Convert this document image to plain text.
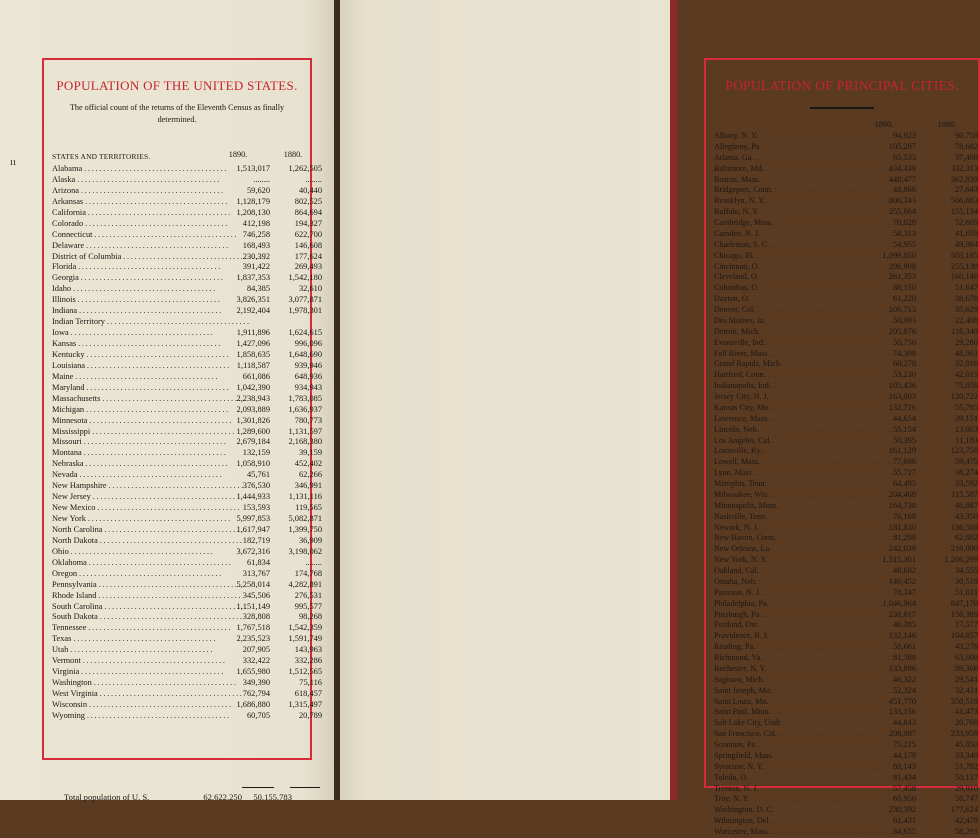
ıı
POPULATION OF THE UNITED STATES.
The official count of the returns of the Eleventh Census as finally determined.
STATES AND TERRITORIES.	1890.	1880.
Alabama . . .	1,513,017	1,262,505
Alaska . . .	........	........
Arizona . . .	59,620	40,440
Arkansas . . .	1,128,179	802,525
California . . .	1,208,130	864,694
Colorado . . .	412,198	194,327
Connecticut . . .	746,258	622,700
Delaware . . .	168,493	146,608
District of Columbia . . .	230,392	177,624
Florida . . .	391,422	269,493
Georgia . . .	1,837,353	1,542,180
Idaho . . .	84,385	32,610
Illinois . . .	3,826,351	3,077,871
Indiana . . .	2,192,404	1,978,301
Indian Territory. . .
Iowa . . .	1,911,896	1,624,615
Kansas . . .	1,427,096	996,096
Kentucky . . .	1,858,635	1,648,690
Louisiana . . .	1,118,587	939,946
Maine . . .	661,086	648,936
Maryland . . .	1,042,390	934,943
Massachusetts . . .	2,238,943	1,783,085
Michigan . . .	2,093,889	1,636,937
Minnesota . . .	1,301,826	780,773
Mississippi . . .	1,289,600	1,131,597
Missouri . . .	2,679,184	2,168,380
Montana . . .	132,159	39,159
Nebraska . . .	1,058,910	452,402
Nevada . . .	45,761	62,266
New Hampshire . . .	376,530	346,991
New Jersey . . .	1,444,933	1,131,116
New Mexico . . .	153,593	119,565
New York . . .	5,997,853	5,082,871
North Carolina . . .	1,617,947	1,399,750
North Dakota . . .	182,719	36,909
Ohio . . .	3,672,316	3,198,062
Oklahoma . . .	61,834	........
Oregon . . .	313,767	174,768
Pennsylvania . . .	5,258,014	4,282,891
Rhode Island . . .	345,506	276,531
South Carolina . . .	1,151,149	995,577
South Dakota . . .	328,808	98,268
Tennessee . . .	1,767,518	1,542,359
Texas . . .	2,235,523	1,591,749
Utah . . .	207,905	143,963
Vermont . . .	332,422	332,286
Virginia . . .	1,655,980	1,512,565
Washington . . .	349,390	75,116
West Virginia . . .	762,794	618,457
Wisconsin . . .	1,686,880	1,315,497
Wyoming . . .	60,705	20,789
Total population of U. S.	62,622,250	50,155,783
POPULATION OF PRINCIPAL CITIES.
1890.	1880.
Albany, N. Y. . . .	94,923	90,758
Allegheny, Pa . . .	105,287	78,682
Atlanta, Ga. . . .	65,533	37,409
Baltimore, Md. . . .	434,439	332,313
Boston, Mass. . . .	448,477	362,839
Bridgeport, Conn. . . .	48,866	27,643
Brooklyn, N. Y. . . .	806,343	566,663
Buffalo, N. Y. . . .	255,664	155,134
Cambridge, Mass. . . .	70,028	52,669
Camden, N. J. . . .	58,313	41,659
Charleston, S. C. . . .	54,955	49,984
Chicago, Ill. . . .	1,099,850	503,185
Cincinnati, O. . . .	296,908	255,139
Cleveland, O. . . .	261,353	160,146
Columbus, O. . . .	88,150	51,647
Dayton, O. . . .	61,220	38,678
Denver, Col. . . .	106,713	35,629
Des Moines, Ia. . . .	50,093	22,408
Detroit, Mich. . . .	205,876	116,340
Evansville, Ind. . . .	50,756	29,280
Fall River, Mass. . . .	74,398	48,961
Grand Rapids, Mich. . . .	60,278	32,016
Hartford, Conn. . . .	53,230	42,015
Indianapolis, Ind. . . .	105,436	75,056
Jersey City, N. J. . . .	163,003	120,722
Kansas City, Mo. . . .	132,716	55,785
Lawrence, Mass. . . .	44,654	39,151
Lincoln, Neb. . . .	55,154	13,003
Los Angeles, Cal. . . .	50,395	11,183
Louisville, Ky. . . .	161,129	123,758
Lowell, Mass. . . .	77,696	59,475
Lynn, Mass. . . .	55,727	38,274
Memphis, Tenn. . . .	64,495	33,592
Milwaukee, Wis. . . .	204,468	115,587
Minneapolis, Minn. . . .	164,738	46,887
Nashville, Tenn. . . .	76,168	43,350
Newark, N. J. . . .	181,830	136,508
New Haven, Conn. . . .	81,298	62,882
New Orleans, La. . . .	242,039	216,090
New York, N. Y. . . .	1,515,301	1,206,299
Oakland, Cal. . . .	48,682	34,555
Omaha, Neb. . . .	140,452	30,518
Paterson, N. J. . . .	78,347	51,031
Philadelphia, Pa. . . .	1,046,964	847,170
Pittsburgh, Pa. . . .	238,617	156,389
Portland, Ore. . . .	46,385	17,577
Providence, R. I. . . .	132,146	104,857
Reading, Pa. . . .	58,661	43,278
Richmond, Va. . . .	81,388	63,600
Rochester, N. Y. . . .	133,896	89,366
Saginaw, Mich. . . .	46,322	29,541
Saint Joseph, Mo. . . .	52,324	32,431
Saint Louis, Mo. . . .	451,770	350,518
Saint Paul, Minn. . . .	133,156	41,473
Salt Lake City, Utah . . .	44,843	20,768
San Francisco, Cal. . . .	298,997	233,959
Scranton, Pa. . . .	75,215	45,850
Springfield, Mass. . . .	44,179	33,340
Syracuse, N. Y. . . .	88,143	51,792
Toledo, O. . . .	81,434	50,137
Trenton, N. J. . . .	57,458	29,910
Troy, N. Y. . . .	60,956	56,747
Washington, D. C. . . .	230,392	177,624
Wilmington, Del. . . .	61,431	42,478
Worcester, Mass. . . .	84,655	58,291
